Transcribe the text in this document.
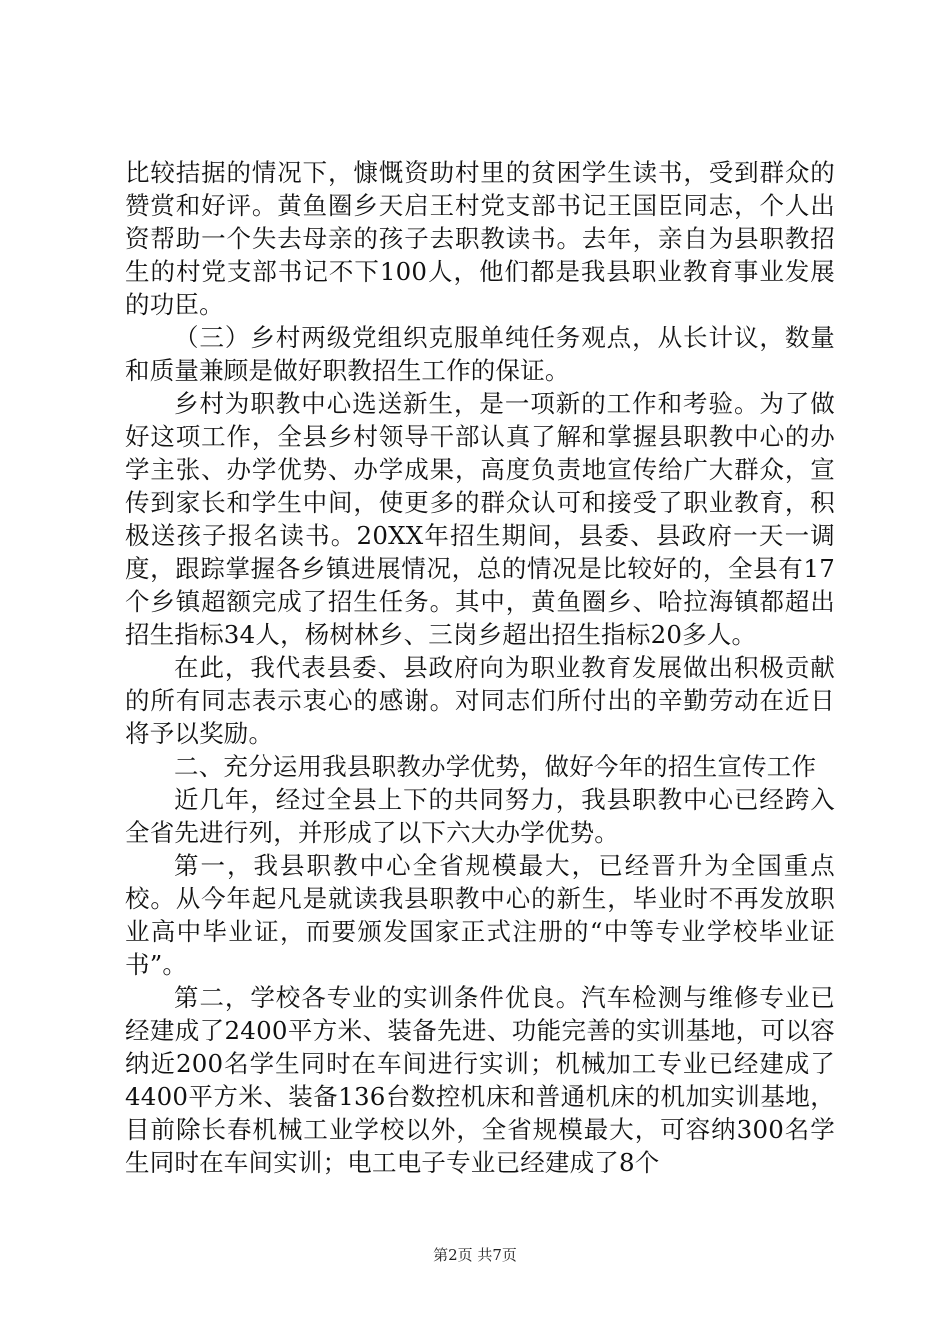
比较拮据的情况下，慷慨资助村里的贫困学生读书，受到群众的赞赏和好评。黄鱼圈乡天启王村党支部书记王国臣同志，个人出资帮助一个失去母亲的孩子去职教读书。去年，亲自为县职教招生的村党支部书记不下100人，他们都是我县职业教育事业发展的功臣。

（三）乡村两级党组织克服单纯任务观点，从长计议，数量和质量兼顾是做好职教招生工作的保证。

乡村为职教中心选送新生，是一项新的工作和考验。为了做好这项工作，全县乡村领导干部认真了解和掌握县职教中心的办学主张、办学优势、办学成果，高度负责地宣传给广大群众，宣传到家长和学生中间，使更多的群众认可和接受了职业教育，积极送孩子报名读书。20XX年招生期间，县委、县政府一天一调度，跟踪掌握各乡镇进展情况，总的情况是比较好的，全县有17个乡镇超额完成了招生任务。其中，黄鱼圈乡、哈拉海镇都超出招生指标34人，杨树林乡、三岗乡超出招生指标20多人。

在此，我代表县委、县政府向为职业教育发展做出积极贡献的所有同志表示衷心的感谢。对同志们所付出的辛勤劳动在近日将予以奖励。

二、充分运用我县职教办学优势，做好今年的招生宣传工作

近几年，经过全县上下的共同努力，我县职教中心已经跨入全省先进行列，并形成了以下六大办学优势。

第一，我县职教中心全省规模最大，已经晋升为全国重点校。从今年起凡是就读我县职教中心的新生，毕业时不再发放职业高中毕业证，而要颁发国家正式注册的“中等专业学校毕业证书”。

第二，学校各专业的实训条件优良。汽车检测与维修专业已经建成了2400平方米、装备先进、功能完善的实训基地，可以容纳近200名学生同时在车间进行实训；机械加工专业已经建成了4400平方米、装备136台数控机床和普通机床的机加实训基地，目前除长春机械工业学校以外，全省规模最大，可容纳300名学生同时在车间实训；电工电子专业已经建成了8个

第2页 共7页
